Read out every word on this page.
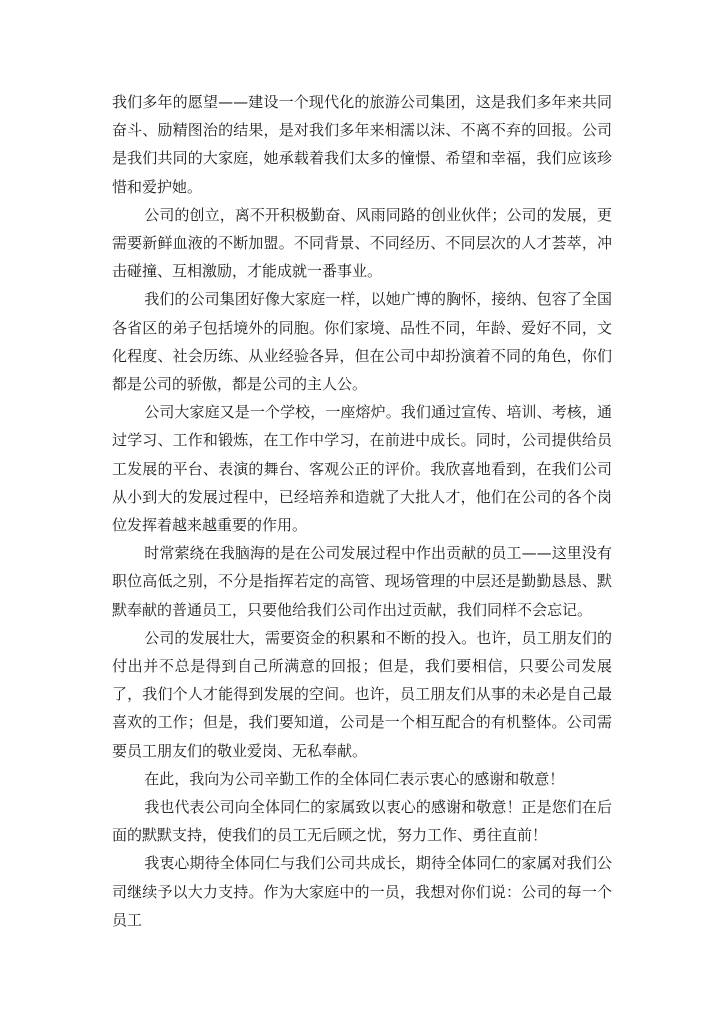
我们多年的愿望——建设一个现代化的旅游公司集团，这是我们多年来共同奋斗、励精图治的结果，是对我们多年来相濡以沫、不离不弃的回报。公司是我们共同的大家庭，她承载着我们太多的憧憬、希望和幸福，我们应该珍惜和爱护她。

公司的创立，离不开积极勤奋、风雨同路的创业伙伴；公司的发展，更需要新鲜血液的不断加盟。不同背景、不同经历、不同层次的人才荟萃，冲击碰撞、互相激励，才能成就一番事业。

我们的公司集团好像大家庭一样，以她广博的胸怀，接纳、包容了全国各省区的弟子包括境外的同胞。你们家境、品性不同，年龄、爱好不同，文化程度、社会历练、从业经验各异，但在公司中却扮演着不同的角色，你们都是公司的骄傲，都是公司的主人公。

公司大家庭又是一个学校，一座熔炉。我们通过宣传、培训、考核，通过学习、工作和锻炼，在工作中学习，在前进中成长。同时，公司提供给员工发展的平台、表演的舞台、客观公正的评价。我欣喜地看到，在我们公司从小到大的发展过程中，已经培养和造就了大批人才，他们在公司的各个岗位发挥着越来越重要的作用。

时常萦绕在我脑海的是在公司发展过程中作出贡献的员工——这里没有职位高低之别，不分是指挥若定的高管、现场管理的中层还是勤勤恳恳、默默奉献的普通员工，只要他给我们公司作出过贡献，我们同样不会忘记。

公司的发展壮大，需要资金的积累和不断的投入。也许，员工朋友们的付出并不总是得到自己所满意的回报；但是，我们要相信，只要公司发展了，我们个人才能得到发展的空间。也许，员工朋友们从事的未必是自己最喜欢的工作；但是，我们要知道，公司是一个相互配合的有机整体。公司需要员工朋友们的敬业爱岗、无私奉献。

在此，我向为公司辛勤工作的全体同仁表示衷心的感谢和敬意！

我也代表公司向全体同仁的家属致以衷心的感谢和敬意！正是您们在后面的默默支持，使我们的员工无后顾之忧，努力工作、勇往直前！

我衷心期待全体同仁与我们公司共成长，期待全体同仁的家属对我们公司继续予以大力支持。作为大家庭中的一员，我想对你们说：公司的每一个员工
